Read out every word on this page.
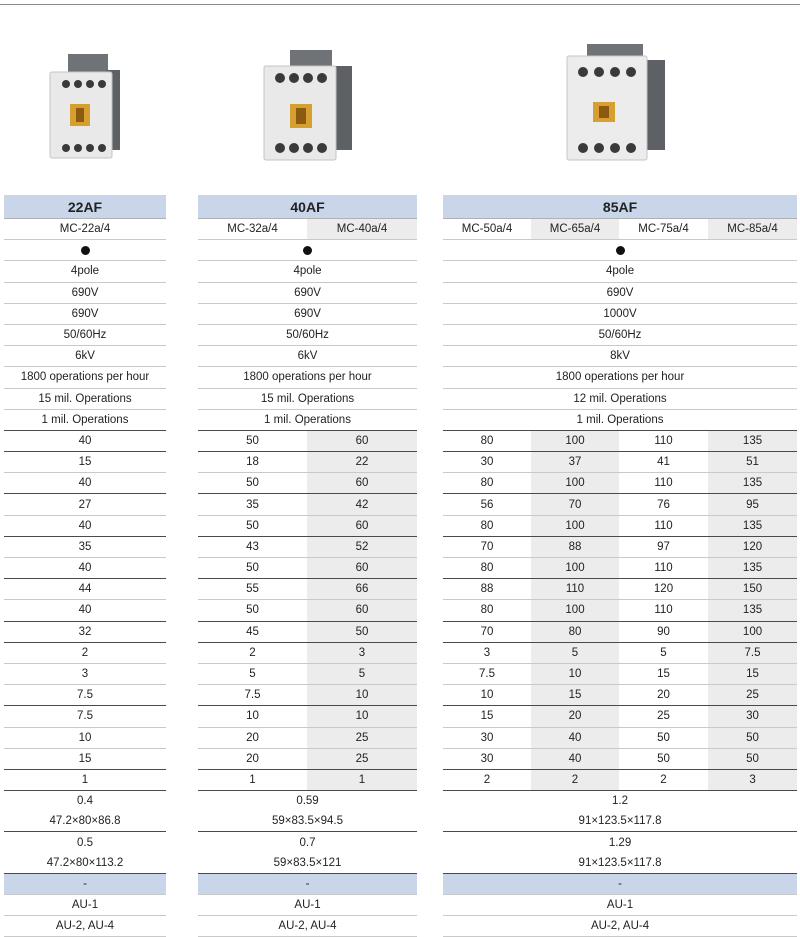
22AF
MC-22a/4

4pole
690V
690V
50/60Hz
6kV
1800 operations per hour
15 mil. Operations
1 mil. Operations
40
15
40
27
40
35
40
44
40
32
2
3
7.5
7.5
10
15
1
0.4
47.2×80×86.8
0.5
47.2×80×113.2
-
AU-1
AU-2, AU-4
40AF	
MC-32a/4	MC-40a/4

4pole	
690V	
690V	
50/60Hz	
6kV	
1800 operations per hour	
15 mil. Operations	
1 mil. Operations	
50	60
18	22
50	60
35	42
50	60
43	52
50	60
55	66
50	60
45	50
2	3
5	5
7.5	10
10	10
20	25
20	25
1	1
0.59	
59×83.5×94.5	
0.7	
59×83.5×121	
-	
AU-1	
AU-2, AU-4	
85AF			
MC-50a/4	MC-65a/4	MC-75a/4	MC-85a/4

4pole			
690V			
1000V			
50/60Hz			
8kV			
1800 operations per hour			
12 mil. Operations			
1 mil. Operations			
80	100	110	135
30	37	41	51
80	100	110	135
56	70	76	95
80	100	110	135
70	88	97	120
80	100	110	135
88	110	120	150
80	100	110	135
70	80	90	100
3	5	5	7.5
7.5	10	15	15
10	15	20	25
15	20	25	30
30	40	50	50
30	40	50	50
2	2	2	3
1.2			
91×123.5×117.8			
1.29			
91×123.5×117.8			
-			
AU-1			
AU-2, AU-4			
